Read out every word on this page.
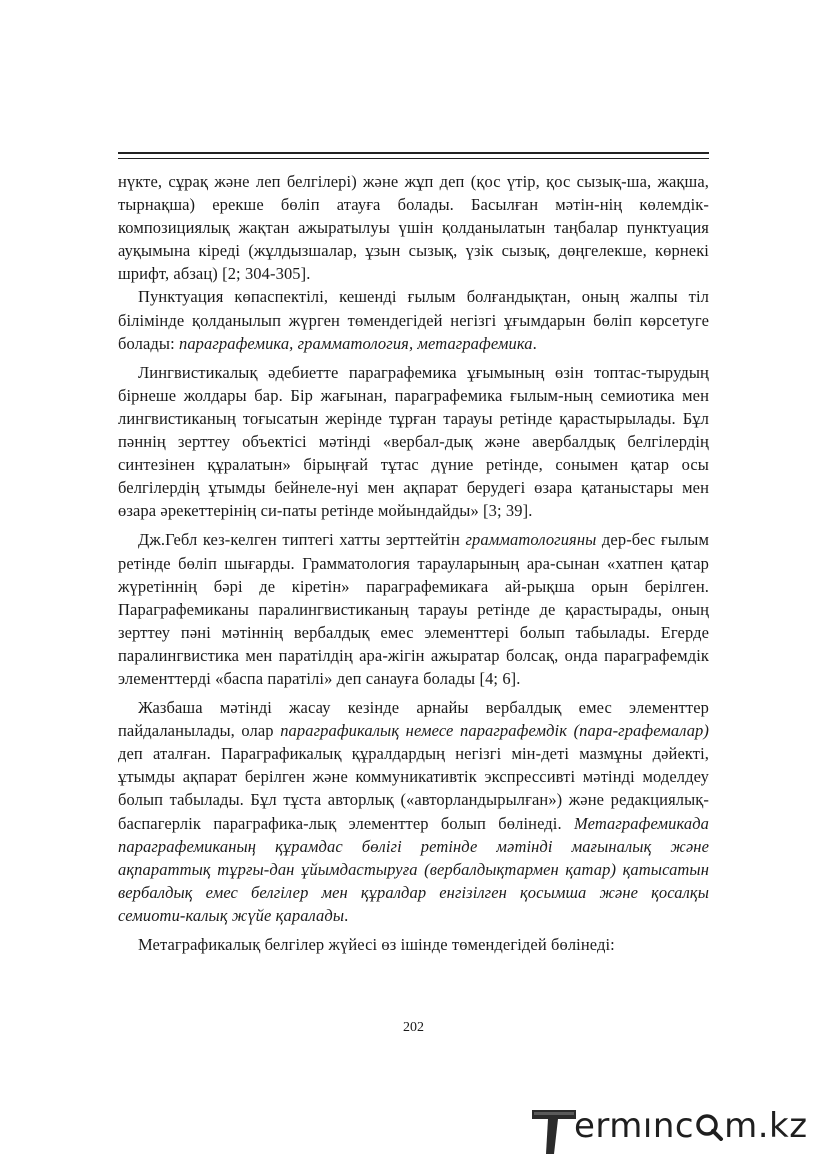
нүкте, сұрақ және леп белгілері) және жұп деп (қос үтір, қос сызық-ша, жақша, тырнақша) ерекше бөліп атауға болады. Басылған мәтін-нің көлемдік-композициялық жақтан ажыратылуы үшін қолданылатын таңбалар пунктуация ауқымына кіреді (жұлдызшалар, ұзын сызық, үзік сызық, дөңгелекше, көрнекі шрифт, абзац) [2; 304-305].

Пунктуация көпаспектілі, кешенді ғылым болғандықтан, оның жалпы тіл білімінде қолданылып жүрген төмендегідей негізгі ұғымдарын бөліп көрсетуге болады: параграфемика, грамматология, метаграфемика.

Лингвистикалық әдебиетте параграфемика ұғымының өзін топтас-тырудың бірнеше жолдары бар. Бір жағынан, параграфемика ғылым-ның семиотика мен лингвистиканың тоғысатын жерінде тұрған тарауы ретінде қарастырылады. Бұл пәннің зерттеу объектісі мәтінді «вербал-дық және авербалдық белгілердің синтезінен құралатын» бірыңғай тұтас дүние ретінде, сонымен қатар осы белгілердің ұтымды бейнеле-нуі мен ақпарат берудегі өзара қатаныстары мен өзара әрекеттерінің си-паты ретінде мойындайды» [3; 39].

Дж.Гебл кез-келген типтегі хатты зерттейтін грамматологияны дер-бес ғылым ретінде бөліп шығарды. Грамматология тарауларының ара-сынан «хатпен қатар жүретіннің бәрі де кіретін» параграфемикаға ай-рықша орын берілген. Параграфемиканы паралингвистиканың тарауы ретінде де қарастырады, оның зерттеу пәні мәтіннің вербалдық емес элементтері болып табылады. Егерде паралингвистика мен паратілдің ара-жігін ажыратар болсақ, онда параграфемдік элементтерді «баспа паратілі» деп санауға болады [4; 6].

Жазбаша мәтінді жасау кезінде арнайы вербалдық емес элементтер пайдаланылады, олар параграфикалық немесе параграфемдік (пара-графемалар) деп аталған. Параграфикалық құралдардың негізгі мін-деті мазмұны дәйекті, ұтымды ақпарат берілген және коммуникативтік экспрессивті мәтінді моделдеу болып табылады. Бұл тұста авторлық («авторландырылған») және редакциялық-баспагерлік параграфика-лық элементтер болып бөлінеді. Метаграфемикада параграфемиканың құрамдас бөлігі ретінде мәтінді мағыналық және ақпараттық тұрғы-дан ұйымдастыруға (вербалдықтармен қатар) қатысатын вербалдық емес белгілер мен құралдар енгізілген қосымша және қосалқы семиоти-калық жүйе қаралады.

Метаграфикалық белгілер жүйесі өз ішінде төмендегідей бөлінеді:

202
ermınc m.kz
